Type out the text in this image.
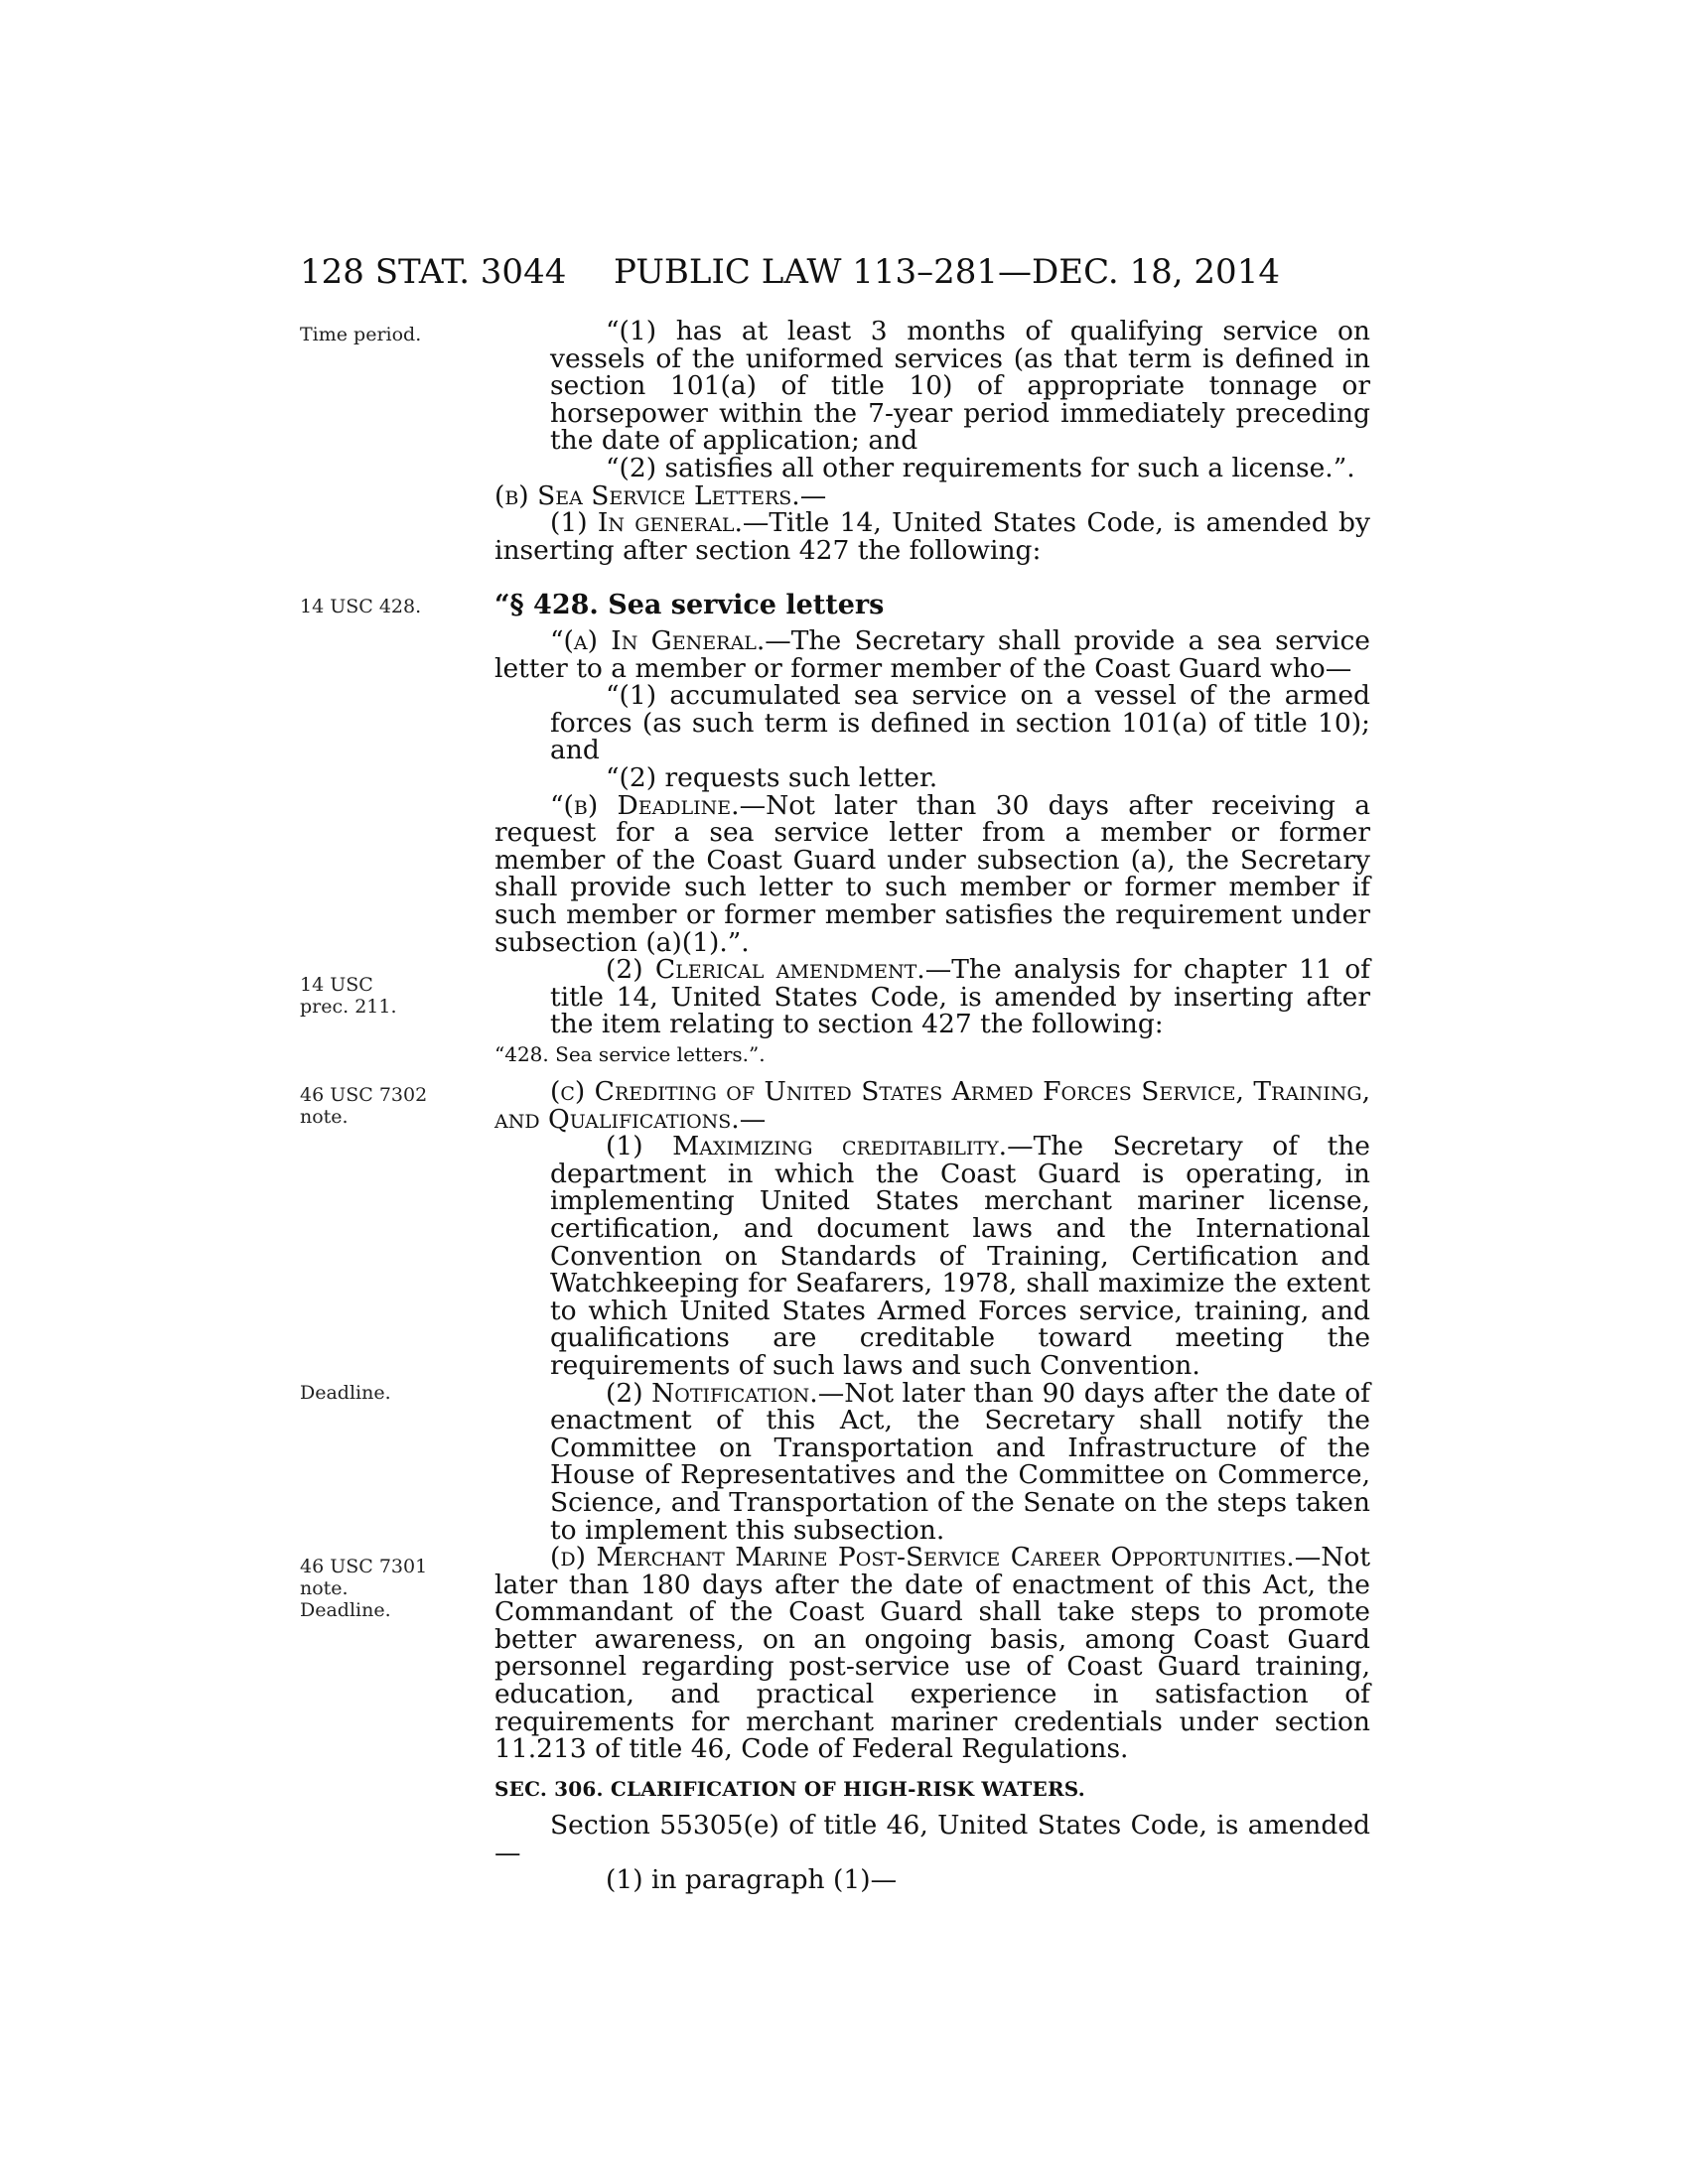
128 STAT. 3044 PUBLIC LAW 113–281—DEC. 18, 2014
Time period.
14 USC 428.
14 USC
prec. 211.
46 USC 7302
note.
Deadline.
46 USC 7301
note.
Deadline.

“(1) has at least 3 months of qualifying service on vessels of the uniformed services (as that term is defined in section 101(a) of title 10) of appropriate tonnage or horsepower within the 7-year period immediately preceding the date of application; and

“(2) satisfies all other requirements for such a license.”.

(b) Sea Service Letters.—

(1) In general.—Title 14, United States Code, is amended by inserting after section 427 the following:

“§ 428. Sea service letters

“(a) In General.—The Secretary shall provide a sea service letter to a member or former member of the Coast Guard who—

“(1) accumulated sea service on a vessel of the armed forces (as such term is defined in section 101(a) of title 10); and

“(2) requests such letter.

“(b) Deadline.—Not later than 30 days after receiving a request for a sea service letter from a member or former member of the Coast Guard under subsection (a), the Secretary shall provide such letter to such member or former member if such member or former member satisfies the requirement under subsection (a)(1).”.

(2) Clerical amendment.—The analysis for chapter 11 of title 14, United States Code, is amended by inserting after the item relating to section 427 the following:

“428. Sea service letters.”.

(c) Crediting of United States Armed Forces Service, Training, and Qualifications.—

(1) Maximizing creditability.—The Secretary of the department in which the Coast Guard is operating, in implementing United States merchant mariner license, certification, and document laws and the International Convention on Standards of Training, Certification and Watchkeeping for Seafarers, 1978, shall maximize the extent to which United States Armed Forces service, training, and qualifications are creditable toward meeting the requirements of such laws and such Convention.

(2) Notification.—Not later than 90 days after the date of enactment of this Act, the Secretary shall notify the Committee on Transportation and Infrastructure of the House of Representatives and the Committee on Commerce, Science, and Transportation of the Senate on the steps taken to implement this subsection.

(d) Merchant Marine Post-Service Career Opportunities.—Not later than 180 days after the date of enactment of this Act, the Commandant of the Coast Guard shall take steps to promote better awareness, on an ongoing basis, among Coast Guard personnel regarding post-service use of Coast Guard training, education, and practical experience in satisfaction of requirements for merchant mariner credentials under section 11.213 of title 46, Code of Federal Regulations.

SEC. 306. CLARIFICATION OF HIGH-RISK WATERS.

Section 55305(e) of title 46, United States Code, is amended—

(1) in paragraph (1)—
